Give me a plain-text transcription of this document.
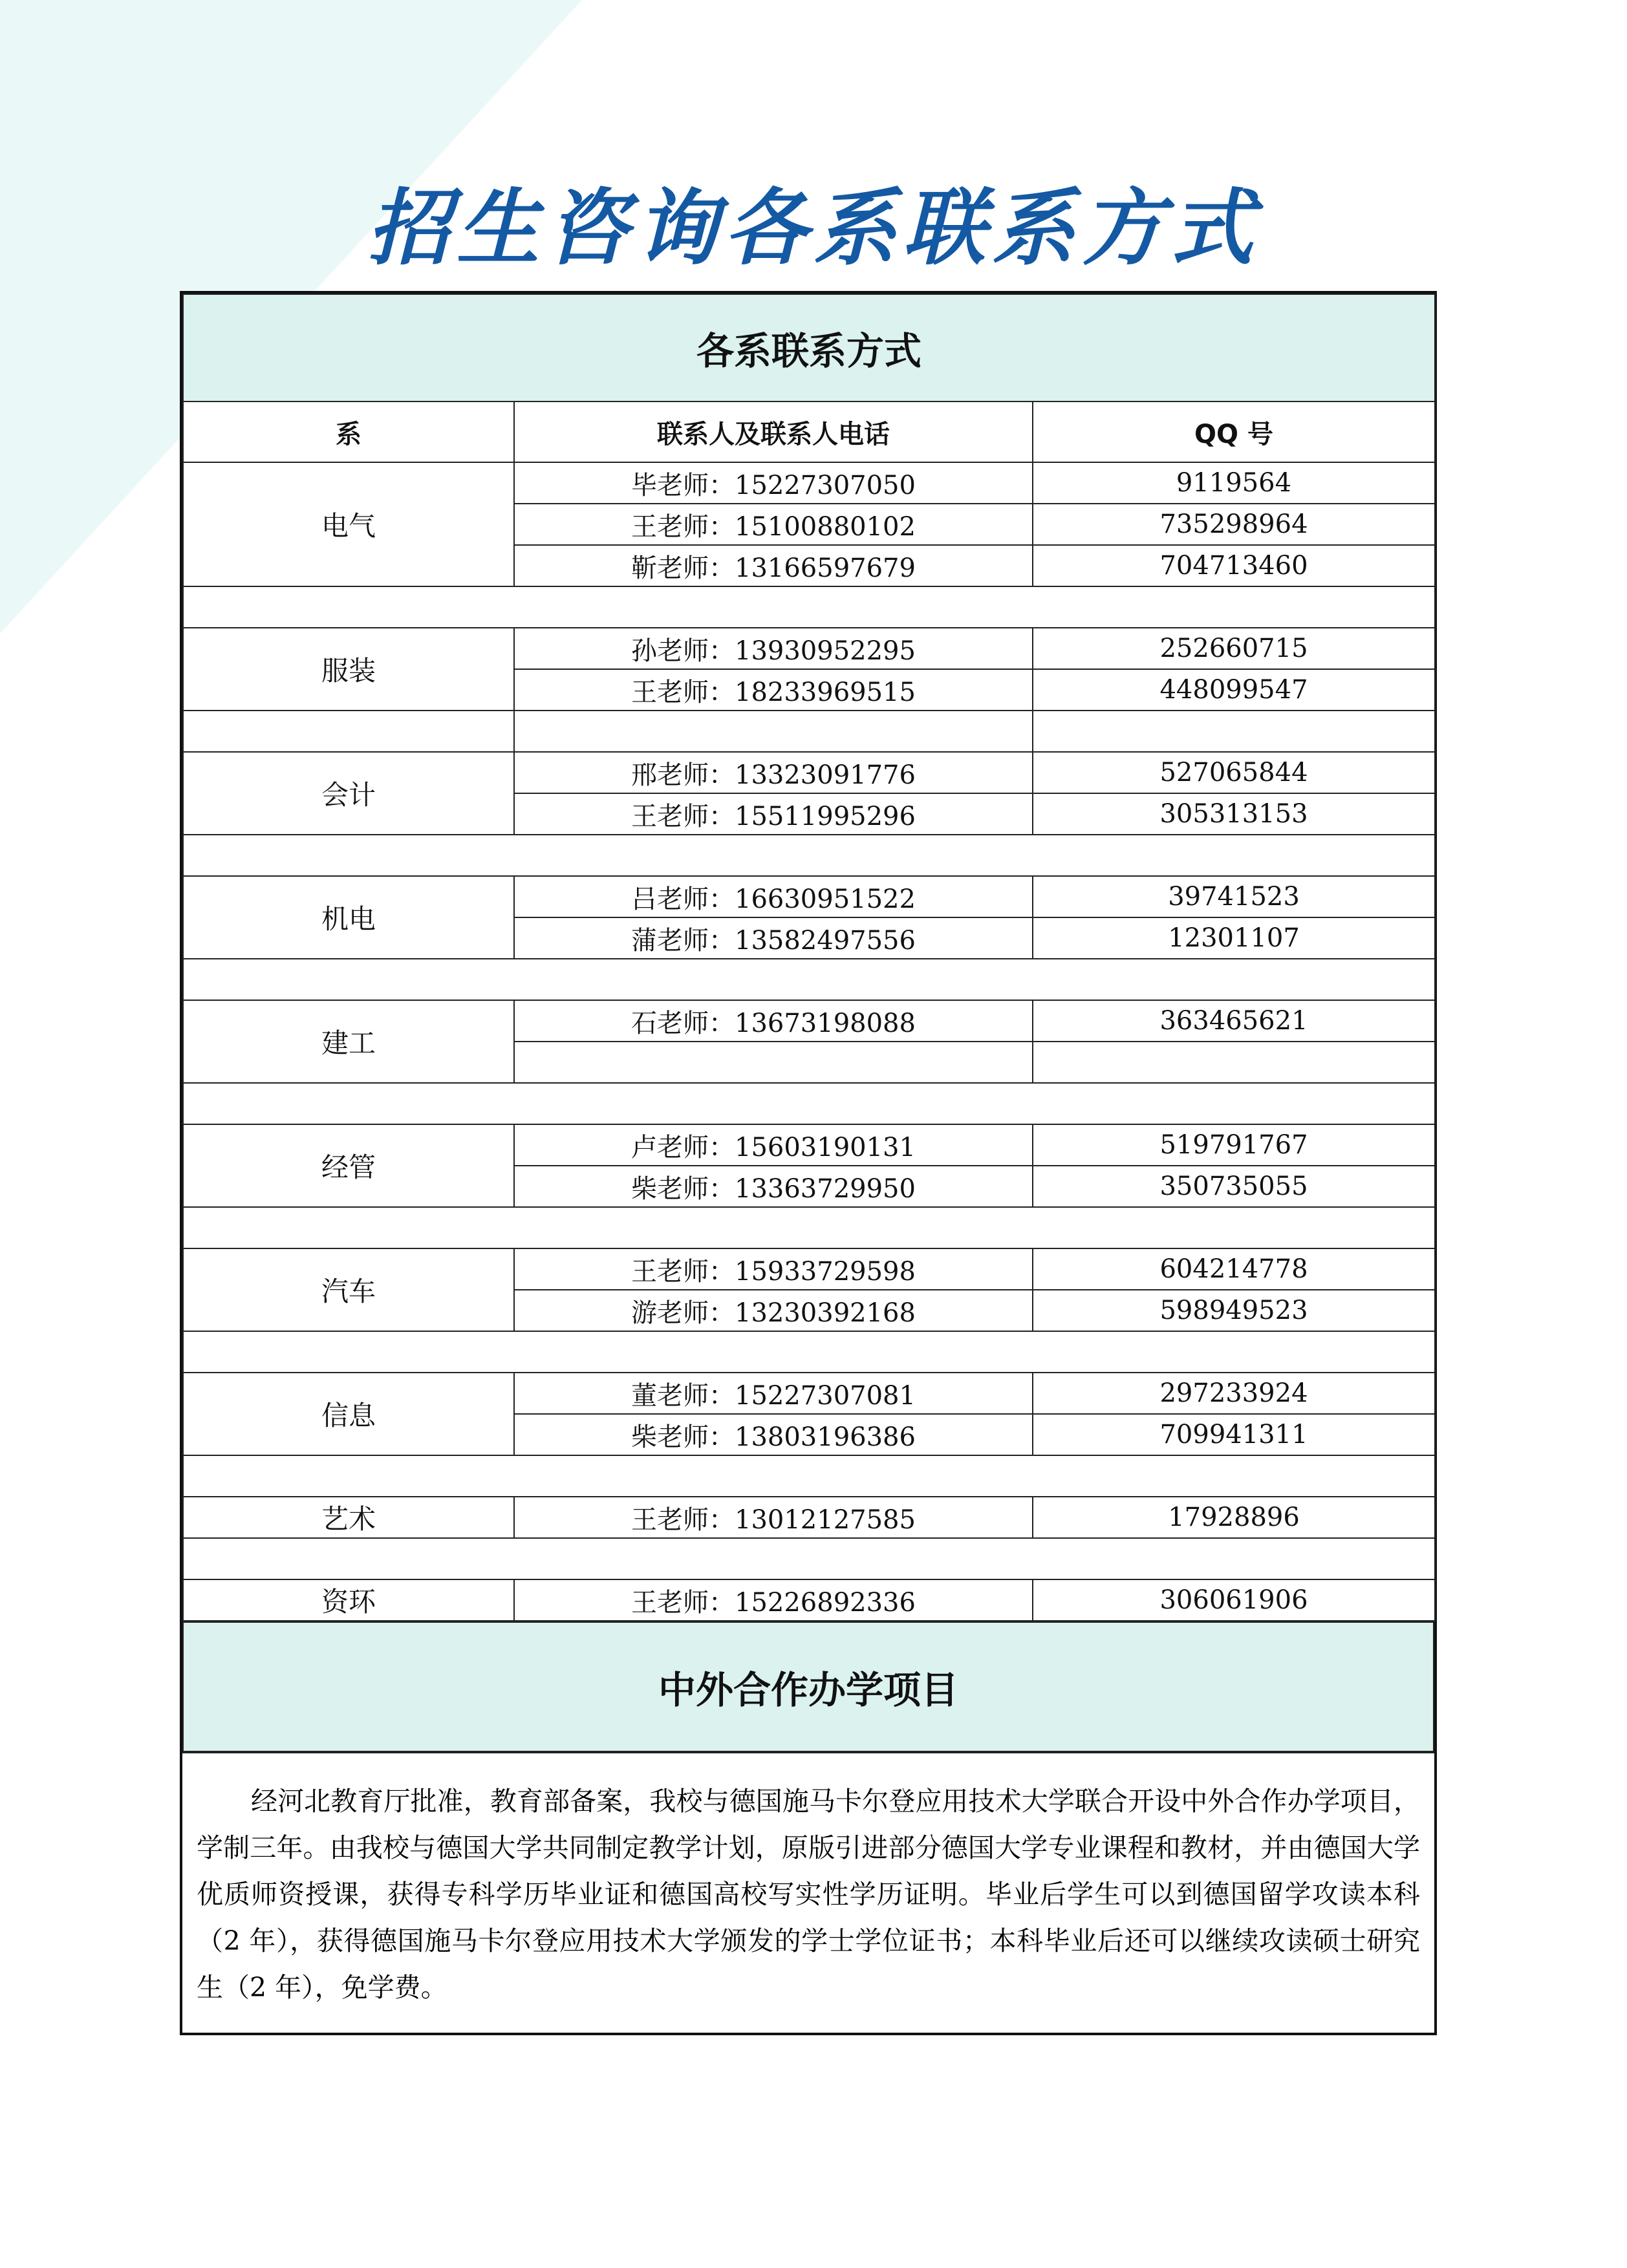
招生咨询各系联系方式
各系联系方式		
系	联系人及联系人电话	QQ 号
电气	毕老师：15227307050	9119564
	王老师：15100880102	735298964
	靳老师：13166597679	704713460

服装	孙老师：13930952295	252660715
	王老师：18233969515	448099547

会计	邢老师：13323091776	527065844
	王老师：15511995296	305313153

机电	吕老师：16630951522	39741523
	蒲老师：13582497556	12301107

建工	石老师：13673198088	363465621

经管	卢老师：15603190131	519791767
	柴老师：13363729950	350735055

汽车	王老师：15933729598	604214778
	游老师：13230392168	598949523

信息	董老师：15227307081	297233924
	柴老师：13803196386	709941311

艺术	王老师：13012127585	17928896

资环	王老师：15226892336	306061906
中外合作办学项目

经河北教育厅批准，教育部备案，我校与德国施马卡尔登应用技术大学联合开设中外合作办学项目，学制三年。由我校与德国大学共同制定教学计划，原版引进部分德国大学专业课程和教材，并由德国大学优质师资授课，获得专科学历毕业证和德国高校写实性学历证明。毕业后学生可以到德国留学攻读本科（2 年），获得德国施马卡尔登应用技术大学颁发的学士学位证书；本科毕业后还可以继续攻读硕士研究生（2 年），免学费。
